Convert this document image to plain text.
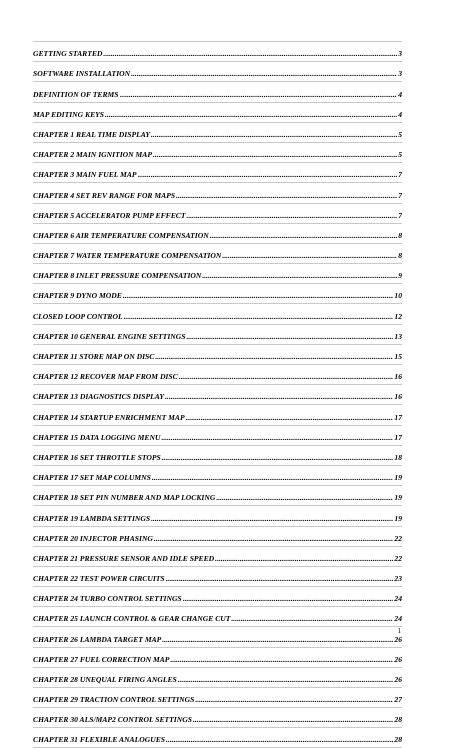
GETTING STARTED .....	3
SOFTWARE INSTALLATION .....	3
DEFINITION OF TERMS .....	4
MAP EDITING KEYS .....	4
CHAPTER 1 REAL TIME DISPLAY .....	5
CHAPTER 2 MAIN IGNITION MAP .....	5
CHAPTER 3 MAIN FUEL MAP .....	7
CHAPTER 4 SET REV RANGE FOR MAPS .....	7
CHAPTER 5 ACCELERATOR PUMP EFFECT .....	7
CHAPTER 6 AIR TEMPERATURE COMPENSATION .....	8
CHAPTER 7 WATER TEMPERATURE COMPENSATION .....	8
CHAPTER 8 INLET PRESSURE COMPENSATION .....	9
CHAPTER 9 DYNO MODE .....	10
CLOSED LOOP CONTROL .....	12
CHAPTER 10 GENERAL ENGINE SETTINGS .....	13
CHAPTER 11 STORE MAP ON DISC .....	15
CHAPTER 12 RECOVER MAP FROM DISC .....	16
CHAPTER 13 DIAGNOSTICS DISPLAY .....	16
CHAPTER 14 STARTUP ENRICHMENT MAP .....	17
CHAPTER 15 DATA LOGGING MENU .....	17
CHAPTER 16 SET THROTTLE STOPS .....	18
CHAPTER 17 SET MAP COLUMNS .....	19
CHAPTER 18 SET PIN NUMBER AND MAP LOCKING .....	19
CHAPTER 19 LAMBDA SETTINGS .....	19
CHAPTER 20 INJECTOR PHASING .....	22
CHAPTER 21 PRESSURE SENSOR AND IDLE SPEED .....	22
CHAPTER 22 TEST POWER CIRCUITS .....	23
CHAPTER 24 TURBO CONTROL SETTINGS .....	24
CHAPTER 25 LAUNCH CONTROL & GEAR CHANGE CUT .....	24
CHAPTER 26 LAMBDA TARGET MAP .....	26
CHAPTER 27 FUEL CORRECTION MAP .....	26
CHAPTER 28 UNEQUAL FIRING ANGLES .....	26
CHAPTER 29 TRACTION CONTROL SETTINGS .....	27
CHAPTER 30 ALS/MAP2 CONTROL SETTINGS .....	28
CHAPTER 31 FLEXIBLE ANALOGUES .....	28
1
